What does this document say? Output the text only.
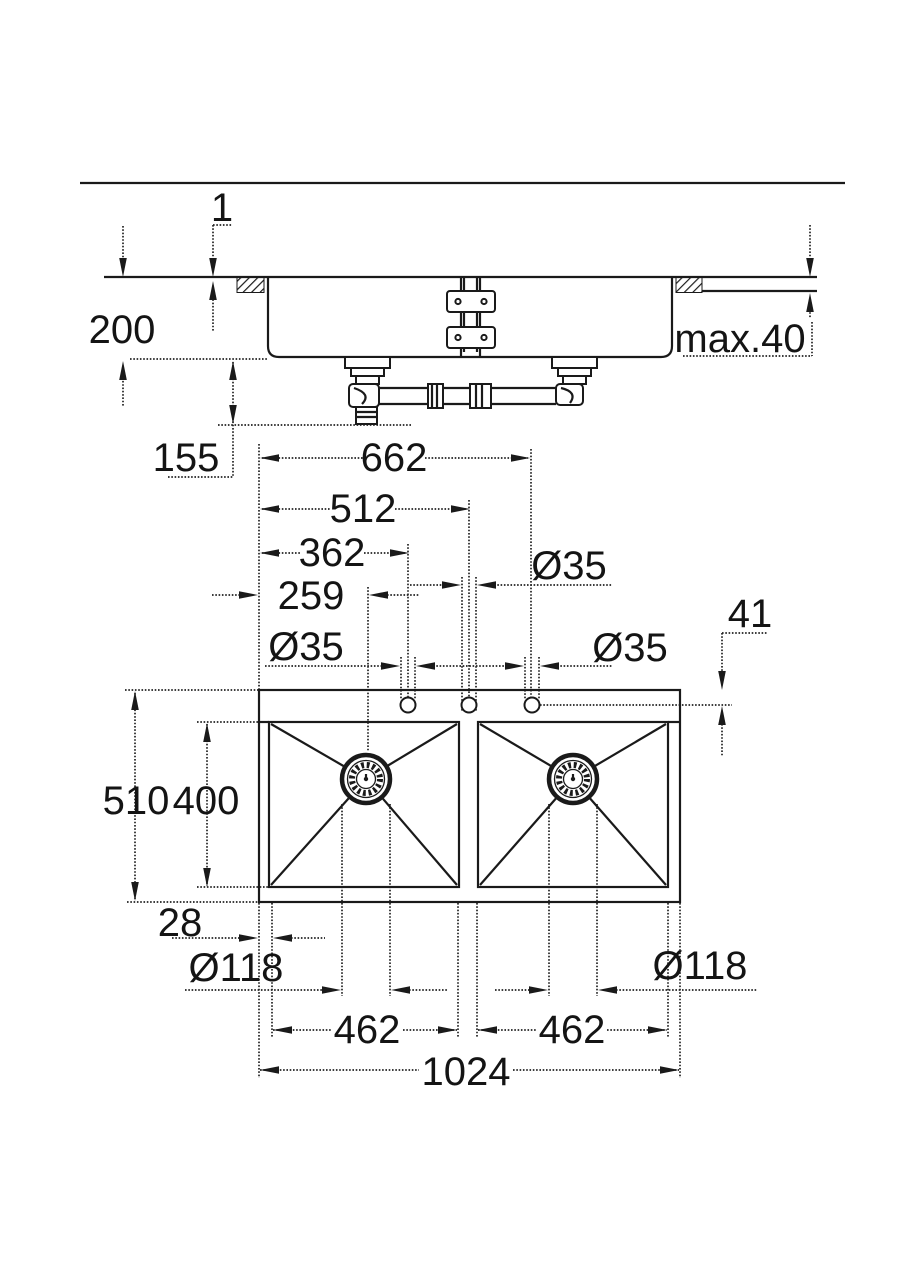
1
200	max.40
155	662
512
362
259
Ø35
41
Ø35	Ø35
510 400
28
Ø118	Ø118
462	462
1024
